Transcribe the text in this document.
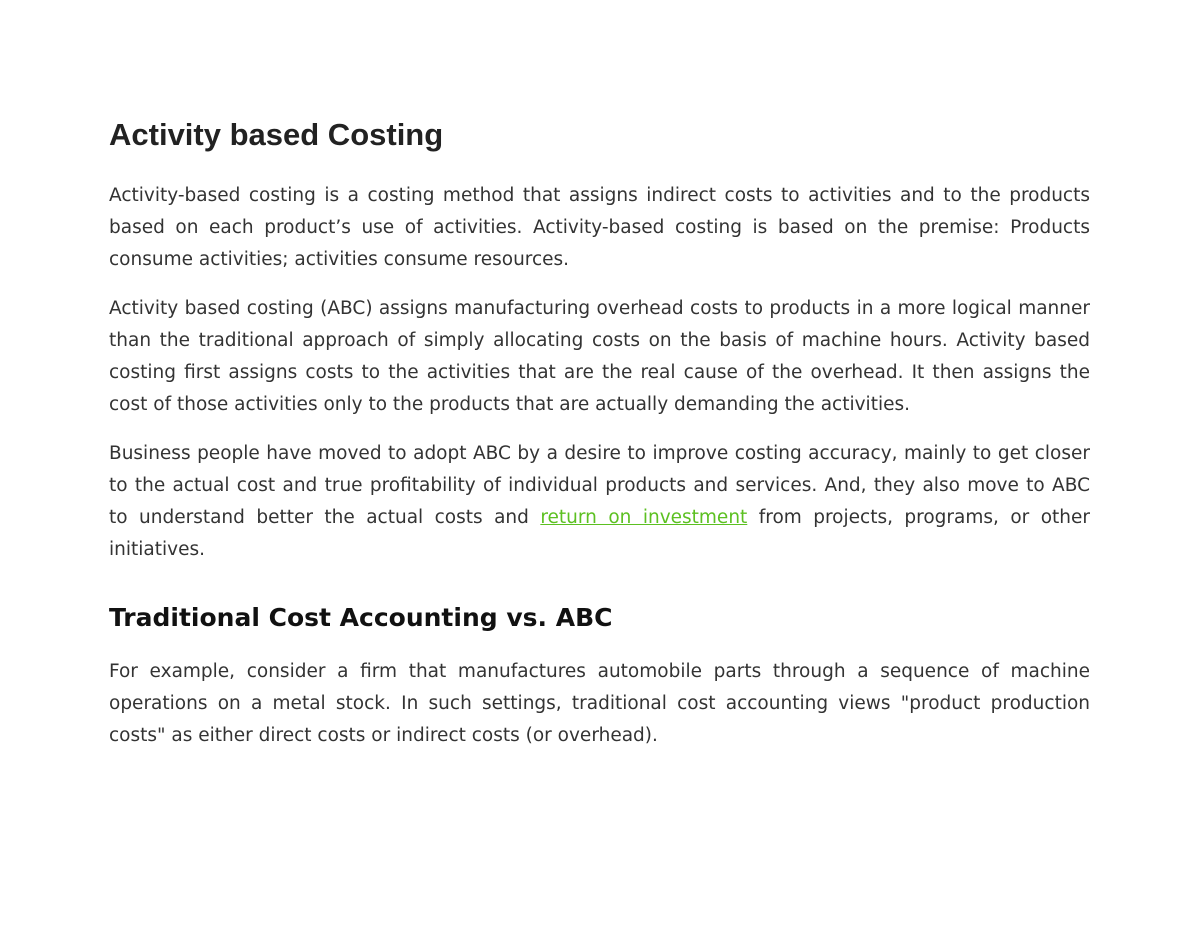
Activity based Costing

Activity-based costing is a costing method that assigns indirect costs to activities and to the products based on each product’s use of activities. Activity-based costing is based on the premise: Products consume activities; activities consume resources.

Activity based costing (ABC) assigns manufacturing overhead costs to products in a more logical manner than the traditional approach of simply allocating costs on the basis of machine hours. Activity based costing first assigns costs to the activities that are the real cause of the overhead. It then assigns the cost of those activities only to the products that are actually demanding the activities.

Business people have moved to adopt ABC by a desire to improve costing accuracy, mainly to get closer to the actual cost and true profitability of individual products and services. And, they also move to ABC to understand better the actual costs and return on investment from projects, programs, or other initiatives.

Traditional Cost Accounting vs. ABC

For example, consider a firm that manufactures automobile parts through a sequence of machine operations on a metal stock. In such settings, traditional cost accounting views "product production costs" as either direct costs or indirect costs (or overhead).
